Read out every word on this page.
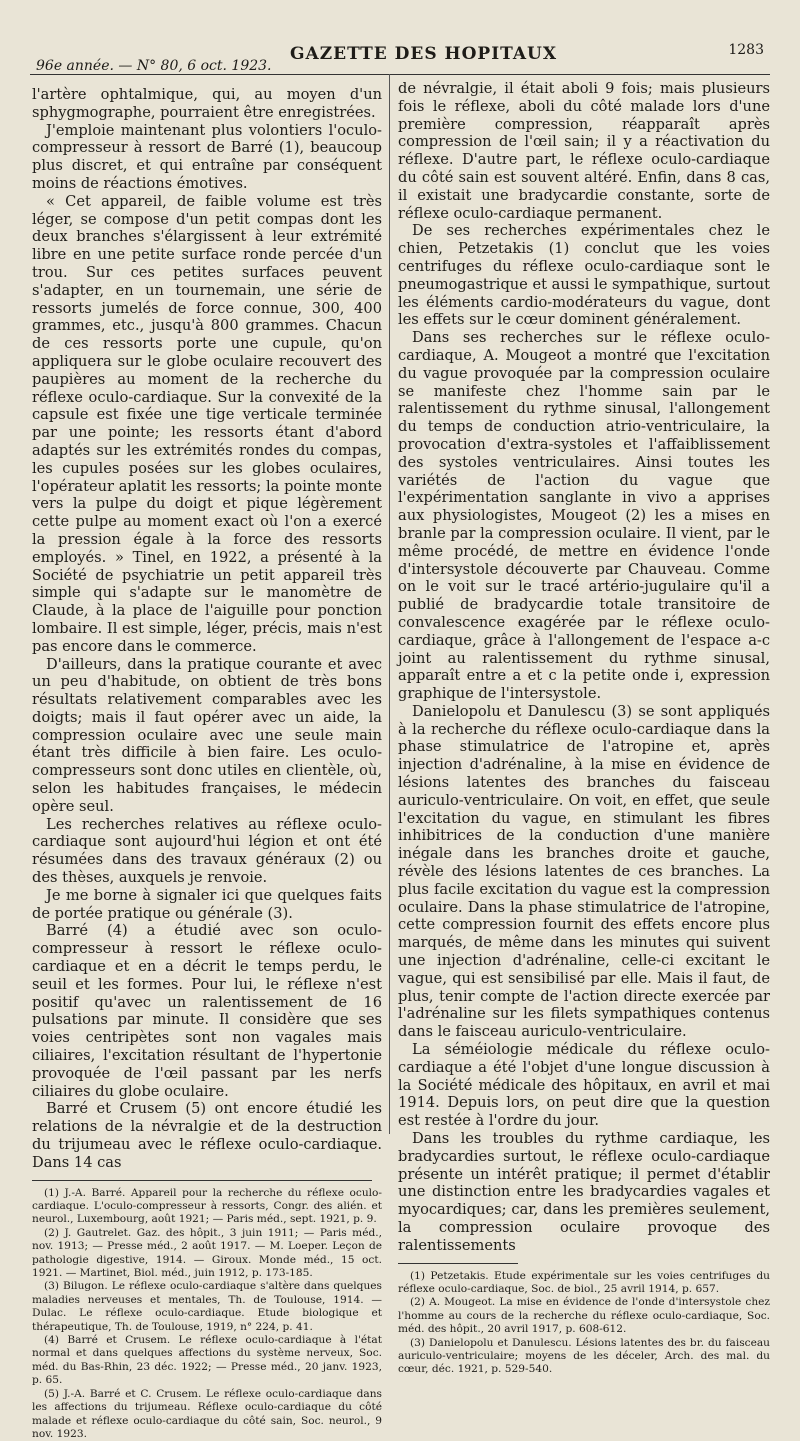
96e année. — N° 80, 6 oct. 1923.
GAZETTE DES HOPITAUX	1283

l'artère ophtalmique, qui, au moyen d'un sphygmographe, pourraient être enregistrées.

J'emploie maintenant plus volontiers l'oculo-compresseur à ressort de Barré (1), beaucoup plus discret, et qui entraîne par conséquent moins de réactions émotives.

« Cet appareil, de faible volume est très léger, se compose d'un petit compas dont les deux branches s'élargissent à leur extrémité libre en une petite surface ronde percée d'un trou. Sur ces petites surfaces peuvent s'adapter, en un tournemain, une série de ressorts jumelés de force connue, 300, 400 grammes, etc., jusqu'à 800 grammes. Chacun de ces ressorts porte une cupule, qu'on appliquera sur le globe oculaire recouvert des paupières au moment de la recherche du réflexe oculo-cardiaque. Sur la convexité de la capsule est fixée une tige verticale terminée par une pointe; les ressorts étant d'abord adaptés sur les extrémités rondes du compas, les cupules posées sur les globes oculaires, l'opérateur aplatit les ressorts; la pointe monte vers la pulpe du doigt et pique légèrement cette pulpe au moment exact où l'on a exercé la pression égale à la force des ressorts employés. » Tinel, en 1922, a présenté à la Société de psychiatrie un petit appareil très simple qui s'adapte sur le manomètre de Claude, à la place de l'aiguille pour ponction lombaire. Il est simple, léger, précis, mais n'est pas encore dans le commerce.

D'ailleurs, dans la pratique courante et avec un peu d'habitude, on obtient de très bons résultats relativement comparables avec les doigts; mais il faut opérer avec un aide, la compression oculaire avec une seule main étant très difficile à bien faire. Les oculo-compresseurs sont donc utiles en clientèle, où, selon les habitudes françaises, le médecin opère seul.

Les recherches relatives au réflexe oculo-cardiaque sont aujourd'hui légion et ont été résumées dans des travaux généraux (2) ou des thèses, auxquels je renvoie.

Je me borne à signaler ici que quelques faits de portée pratique ou générale (3).

Barré (4) a étudié avec son oculo-compresseur à ressort le réflexe oculo-cardiaque et en a décrit le temps perdu, le seuil et les formes. Pour lui, le réflexe n'est positif qu'avec un ralentissement de 16 pulsations par minute. Il considère que ses voies centripètes sont non vagales mais ciliaires, l'excitation résultant de l'hypertonie provoquée de l'œil passant par les nerfs ciliaires du globe oculaire.

Barré et Crusem (5) ont encore étudié les relations de la névralgie et de la destruction du trijumeau avec le réflexe oculo-cardiaque. Dans 14 cas

(1) J.-A. Barré. Appareil pour la recherche du réflexe oculo-cardiaque. L'oculo-compresseur à ressorts, Congr. des alién. et neurol., Luxembourg, août 1921; — Paris méd., sept. 1921, p. 9.

(2) J. Gautrelet. Gaz. des hôpit., 3 juin 1911; — Paris méd., nov. 1913; — Presse méd., 2 août 1917. — M. Loeper. Leçon de pathologie digestive, 1914. — Giroux. Monde méd., 15 oct. 1921. — Martinet, Biol. méd., juin 1912, p. 173-185.

(3) Bilugon. Le réflexe oculo-cardiaque s'altère dans quelques maladies nerveuses et mentales, Th. de Toulouse, 1914. — Dulac. Le réflexe oculo-cardiaque. Etude biologique et thérapeutique, Th. de Toulouse, 1919, n° 224, p. 41.

(4) Barré et Crusem. Le réflexe oculo-cardiaque à l'état normal et dans quelques affections du système nerveux, Soc. méd. du Bas-Rhin, 23 déc. 1922; — Presse méd., 20 janv. 1923, p. 65.

(5) J.-A. Barré et C. Crusem. Le réflexe oculo-cardiaque dans les affections du trijumeau. Réflexe oculo-cardiaque du côté malade et réflexe oculo-cardiaque du côté sain, Soc. neurol., 9 nov. 1923.

de névralgie, il était aboli 9 fois; mais plusieurs fois le réflexe, aboli du côté malade lors d'une première compression, réapparaît après compression de l'œil sain; il y a réactivation du réflexe. D'autre part, le réflexe oculo-cardiaque du côté sain est souvent altéré. Enfin, dans 8 cas, il existait une bradycardie constante, sorte de réflexe oculo-cardiaque permanent.

De ses recherches expérimentales chez le chien, Petzetakis (1) conclut que les voies centrifuges du réflexe oculo-cardiaque sont le pneumogastrique et aussi le sympathique, surtout les éléments cardio-modérateurs du vague, dont les effets sur le cœur dominent généralement.

Dans ses recherches sur le réflexe oculo-cardiaque, A. Mougeot a montré que l'excitation du vague provoquée par la compression oculaire se manifeste chez l'homme sain par le ralentissement du rythme sinusal, l'allongement du temps de conduction atrio-ventriculaire, la provocation d'extra-systoles et l'affaiblissement des systoles ventriculaires. Ainsi toutes les variétés de l'action du vague que l'expérimentation sanglante in vivo a apprises aux physiologistes, Mougeot (2) les a mises en branle par la compression oculaire. Il vient, par le même procédé, de mettre en évidence l'onde d'intersystole découverte par Chauveau. Comme on le voit sur le tracé artério-jugulaire qu'il a publié de bradycardie totale transitoire de convalescence exagérée par le réflexe oculo-cardiaque, grâce à l'allongement de l'espace a-c joint au ralentissement du rythme sinusal, apparaît entre a et c la petite onde i, expression graphique de l'intersystole.

Danielopolu et Danulescu (3) se sont appliqués à la recherche du réflexe oculo-cardiaque dans la phase stimulatrice de l'atropine et, après injection d'adrénaline, à la mise en évidence de lésions latentes des branches du faisceau auriculo-ventriculaire. On voit, en effet, que seule l'excitation du vague, en stimulant les fibres inhibitrices de la conduction d'une manière inégale dans les branches droite et gauche, révèle des lésions latentes de ces branches. La plus facile excitation du vague est la compression oculaire. Dans la phase stimulatrice de l'atropine, cette compression fournit des effets encore plus marqués, de même dans les minutes qui suivent une injection d'adrénaline, celle-ci excitant le vague, qui est sensibilisé par elle. Mais il faut, de plus, tenir compte de l'action directe exercée par l'adrénaline sur les filets sympathiques contenus dans le faisceau auriculo-ventriculaire.

La séméiologie médicale du réflexe oculo-cardiaque a été l'objet d'une longue discussion à la Société médicale des hôpitaux, en avril et mai 1914. Depuis lors, on peut dire que la question est restée à l'ordre du jour.

Dans les troubles du rythme cardiaque, les bradycardies surtout, le réflexe oculo-cardiaque présente un intérêt pratique; il permet d'établir une distinction entre les bradycardies vagales et myocardiques; car, dans les premières seulement, la compression oculaire provoque des ralentissements

(1) Petzetakis. Etude expérimentale sur les voies centrifuges du réflexe oculo-cardiaque, Soc. de biol., 25 avril 1914, p. 657.

(2) A. Mougeot. La mise en évidence de l'onde d'intersystole chez l'homme au cours de la recherche du réflexe oculo-cardiaque, Soc. méd. des hôpit., 20 avril 1917, p. 608-612.

(3) Danielopolu et Danulescu. Lésions latentes des br. du faisceau auriculo-ventriculaire; moyens de les déceler, Arch. des mal. du cœur, déc. 1921, p. 529-540.
